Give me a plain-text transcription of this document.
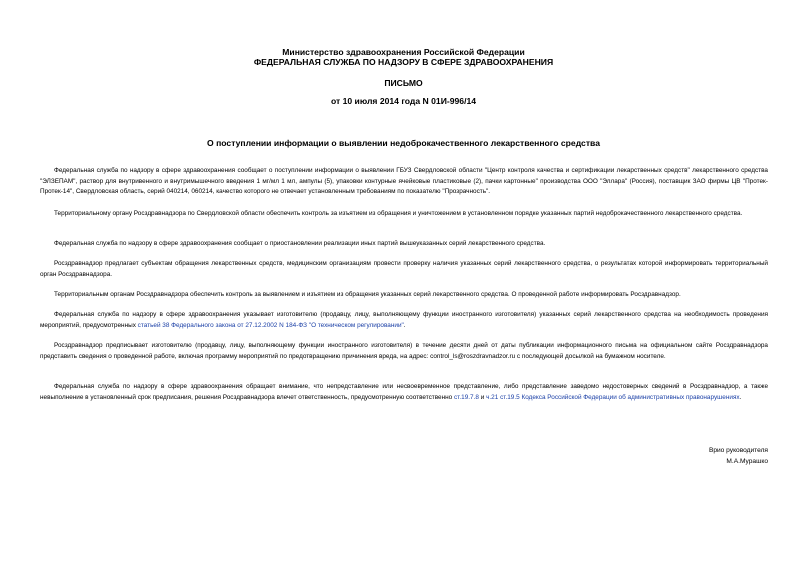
Министерство здравоохранения Российской Федерации
ФЕДЕРАЛЬНАЯ СЛУЖБА ПО НАДЗОРУ В СФЕРЕ ЗДРАВООХРАНЕНИЯ
ПИСЬМО
от 10 июля 2014 года N 01И-996/14
О поступлении информации о выявлении недоброкачественного лекарственного средства

Федеральная служба по надзору в сфере здравоохранения сообщает о поступлении информации о выявлении ГБУЗ Свердловской области "Центр контроля качества и сертификации лекарственных средств" лекарственного средства "ЭЛЗЕПАМ", раствор для внутривенного и внутримышечного введения 1 мг/мл 1 мл, ампулы (5), упаковки контурные ячейковые пластиковые (2), пачки картонные" производства ООО "Эллара" (Россия), поставщик ЗАО фирмы ЦВ "Протек-Протек-14", Свердловская область, серий 040214, 060214, качество которого не отвечает установленным требованиям по показателю "Прозрачность".

Территориальному органу Росздравнадзора по Свердловской области обеспечить контроль за изъятием из обращения и уничтожением в установленном порядке указанных партий недоброкачественного лекарственного средства.

Федеральная служба по надзору в сфере здравоохранения сообщает о приостановлении реализации иных партий вышеуказанных серий лекарственного средства.

Росздравнадзор предлагает субъектам обращения лекарственных средств, медицинским организациям провести проверку наличия указанных серий лекарственного средства, о результатах которой информировать территориальный орган Росздравнадзора.

Территориальным органам Росздравнадзора обеспечить контроль за выявлением и изъятием из обращения указанных серий лекарственного средства. О проведенной работе информировать Росздравнадзор.

Федеральная служба по надзору в сфере здравоохранения указывает изготовителю (продавцу, лицу, выполняющему функции иностранного изготовителя) указанных серий лекарственного средства на необходимость проведения мероприятий, предусмотренных статьей 38 Федерального закона от 27.12.2002 N 184-ФЗ "О техническом регулировании".

Росздравнадзор предписывает изготовителю (продавцу, лицу, выполняющему функции иностранного изготовителя) в течение десяти дней от даты публикации информационного письма на официальном сайте Росздравнадзора представить сведения о проведенной работе, включая программу мероприятий по предотвращению причинения вреда, на адрес: control_ls@roszdravnadzor.ru с последующей досылкой на бумажном носителе.

Федеральная служба по надзору в сфере здравоохранения обращает внимание, что непредставление или несвоевременное представление, либо представление заведомо недостоверных сведений в Росздравнадзор, а также невыполнение в установленный срок предписания, решения Росздравнадзора влечет ответственность, предусмотренную соответственно ст.19.7.8 и ч.21 ст.19.5 Кодекса Российской Федерации об административных правонарушениях.

Врио руководителя
М.А.Мурашко
